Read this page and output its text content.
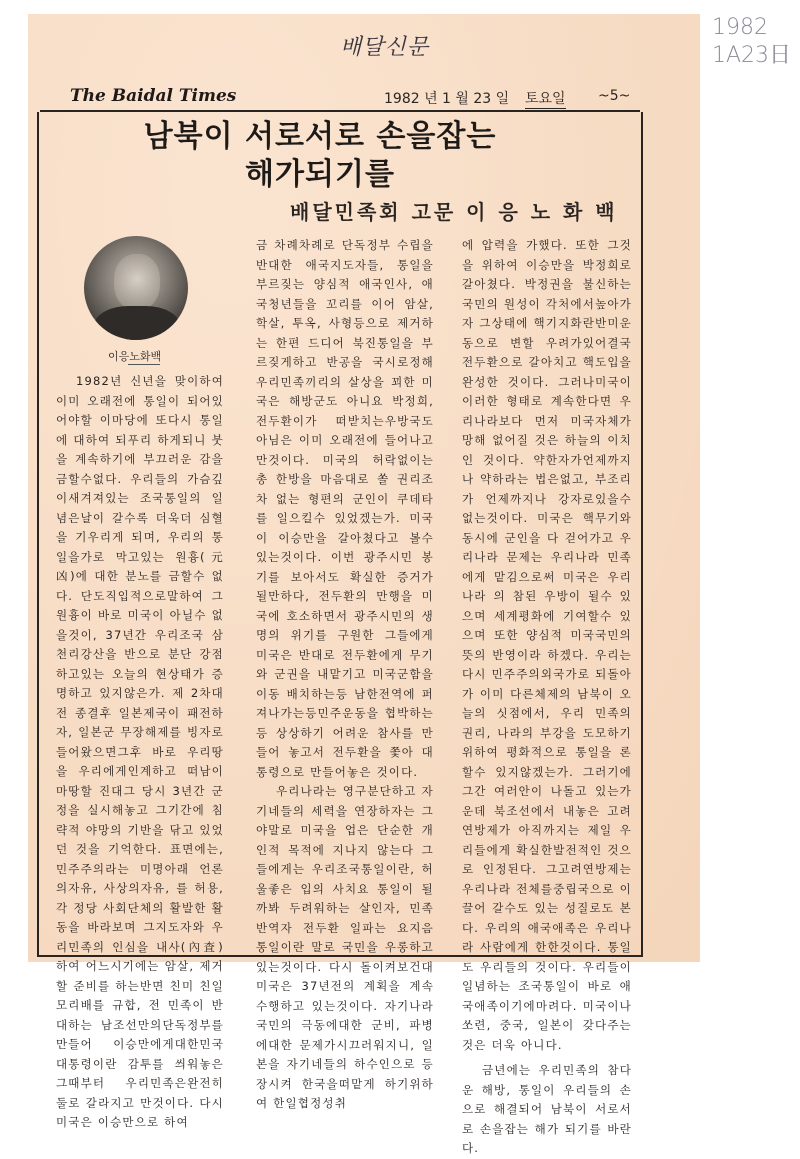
배달신문
1982
1A23日
The Baidal Times	1982 년 1 월 23 일 토요일 ~5~
남북이 서로서로 손을잡는
해가되기를
배달민족회 고문 이 응 노 화 백
이응노화백

1982년 신년을 맞이하여 이미 오래전에 통일이 되어있어야할 이마당에 또다시 통일에 대하여 되푸리 하게되니 붓을 계속하기에 부끄러운 감을 금할수없다. 우리들의 가슴깊이새겨져있는 조국통일의 일념은날이 갈수록 더욱더 심혈을 기우리게 되며, 우리의 통일을가로 막고있는 원흉(元凶)에 대한 분노를 금할수 없다. 단도직입적으로말하여 그 원흉이 바로 미국이 아닐수 없을것이, 37년간 우리조국 삼천리강산을 반으로 분단 강점하고있는 오늘의 현상태가 증명하고 있지않은가. 제 2차대전 종결후 일본제국이 패전하자, 일본군 무장해제를 빙자로 들어왔으면그후 바로 우리땅을 우리에게인계하고 떠남이 마땅할 진대그 당시 3년간 군정을 실시해놓고 그기간에 침략적 야망의 기반을 닦고 있었던 것을 기억한다. 표면에는, 민주주의라는 미명아래 언론의자유, 사상의자유, 를 허용, 각 정당 사회단체의 활발한 활동을 바라보며 그지도자와 우리민족의 인심을 내사(內査)하여 어느시기에는 암살, 제거할 준비를 하는반면 친미 친일 모리배를 규합, 전 민족이 반대하는 남조선만의단독정부를 만들어 이승만에게대한민국 대통령이란 감투를 씌워놓은 그때부터 우리민족은완전히 둘로 갈라지고 만것이다. 다시 미국은 이승만으로 하여

금 차례차례로 단독정부 수립을 반대한 애국지도자들, 통일을 부르짖는 양심적 애국인사, 애국청년들을 꼬리를 이어 암살, 학살, 투옥, 사형등으로 제거하는 한편 드디어 북진통일을 부르짖게하고 반공을 국시로정해 우리민족끼리의 살상을 꾀한 미국은 해방군도 아니요 박정희, 전두환이가 떠받치는우방국도 아님은 이미 오래전에 들어나고 만것이다. 미국의 허락없이는 총 한방을 마음대로 쏠 권리조차 없는 형편의 군인이 쿠데타를 일으킬수 있었겠는가. 미국이 이승만을 갈아쳤다고 볼수 있는것이다. 이번 광주시민 봉기를 보아서도 확실한 증거가 될만하다, 전두환의 만행을 미국에 호소하면서 광주시민의 생명의 위기를 구원한 그들에게 미국은 반대로 전두환에게 무기와 군권을 내맡기고 미국군함을 이동 배치하는등 남한전역에 퍼져나가는등민주운동을 협박하는등 상상하기 어려운 참사를 만들어 놓고서 전두환을 쫓아 대통령으로 만들어놓은 것이다.

우리나라는 영구분단하고 자기네들의 세력을 연장하자는 그야말로 미국을 업은 단순한 개인적 목적에 지나지 않는다 그들에게는 우리조국통일이란, 허울좋은 입의 사치요 통일이 될까봐 두려워하는 살인자, 민족반역자 전두환 일파는 요지음 통일이란 말로 국민을 우롱하고 있는것이다. 다시 돌이켜보건대 미국은 37년전의 계획을 계속 수행하고 있는것이다. 자기나라 국민의 극동에대한 군비, 파병에대한 문제가시끄러워지니, 일본을 자기네들의 하수인으로 등장시켜 한국을떠맡게 하기위하여 한일협정성취

에 압력을 가했다. 또한 그것을 위하여 이승만을 박정희로 갈아쳤다. 박정권을 불신하는 국민의 원성이 각처에서높아가자 그상태에 핵기지화란반미운동으로 변할 우려가있어결국 전두환으로 갈아치고 핵도입을 완성한 것이다. 그러나미국이 이러한 형태로 계속한다면 우리나라보다 먼저 미국자체가 망해 없어질 것은 하늘의 이치인 것이다. 약한자가언제까지나 약하라는 법은없고, 부조리가 언제까지나 강자로있을수 없는것이다. 미국은 핵무기와 동시에 군인을 다 걷어가고 우리나라 문제는 우리나라 민족에게 맡김으로써 미국은 우리나라 의 참된 우방이 될수 있으며 세계평화에 기여할수 있으며 또한 양심적 미국국민의 뜻의 반영이라 하겠다. 우리는 다시 민주주의외국가로 되돌아가 이미 다른체제의 남북이 오늘의 싯점에서, 우리 민족의 권리, 나라의 부강을 도모하기 위하여 평화적으로 통일을 론할수 있지않겠는가. 그러기에 그간 여러안이 나돌고 있는가운데 북조선에서 내놓은 고려연방제가 아직까지는 제일 우리들에게 확실한발전적인 것으로 인정된다. 그고려연방제는 우리나라 전체를중립국으로 이끌어 갈수도 있는 성질로도 본다. 우리의 애국애족은 우리나라 사람에게 한한것이다. 통일도 우리들의 것이다. 우리들이 일념하는 조국통일이 바로 애국애족이기에마려다. 미국이나 쏘련, 중국, 일본이 갖다주는것은 더욱 아니다.

금년에는 우리민족의 참다운 해방, 통일이 우리들의 손으로 해결되어 남북이 서로서로 손을잡는 해가 되기를 바란다.
